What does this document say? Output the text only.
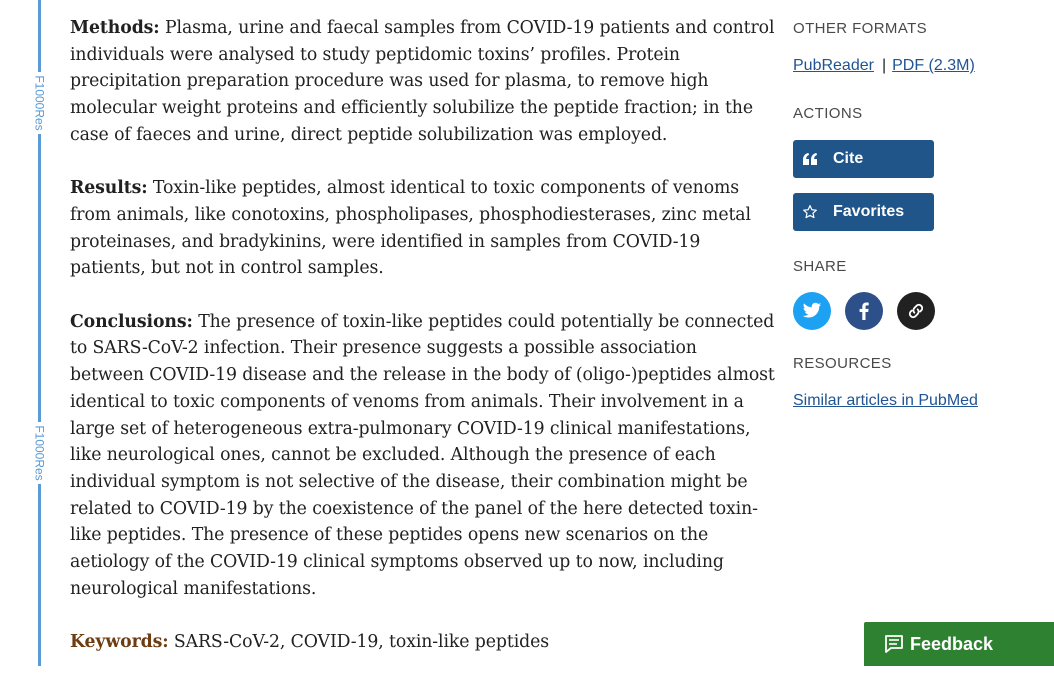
F1000Res
F1000Res

Methods: Plasma, urine and faecal samples from COVID-19 patients and control individuals were analysed to study peptidomic toxins’ profiles. Protein precipitation preparation procedure was used for plasma, to remove high molecular weight proteins and efficiently solubilize the peptide fraction; in the case of faeces and urine, direct peptide solubilization was employed.

Results: Toxin-like peptides, almost identical to toxic components of venoms from animals, like conotoxins, phospholipases, phosphodiesterases, zinc metal proteinases, and bradykinins, were identified in samples from COVID-19 patients, but not in control samples.

Conclusions: The presence of toxin-like peptides could potentially be connected to SARS-CoV-2 infection. Their presence suggests a possible association between COVID-19 disease and the release in the body of (oligo-)peptides almost identical to toxic components of venoms from animals. Their involvement in a large set of heterogeneous extra-pulmonary COVID-19 clinical manifestations, like neurological ones, cannot be excluded. Although the presence of each individual symptom is not selective of the disease, their combination might be related to COVID-19 by the coexistence of the panel of the here detected toxin-like peptides. The presence of these peptides opens new scenarios on the aetiology of the COVID-19 clinical symptoms observed up to now, including neurological manifestations.

Keywords: SARS-CoV-2, COVID-19, toxin-like peptides

OTHER FORMATS
PubReader | PDF (2.3M)
ACTIONS
Cite
Favorites
SHARE
RESOURCES
Similar articles in PubMed
Feedback
